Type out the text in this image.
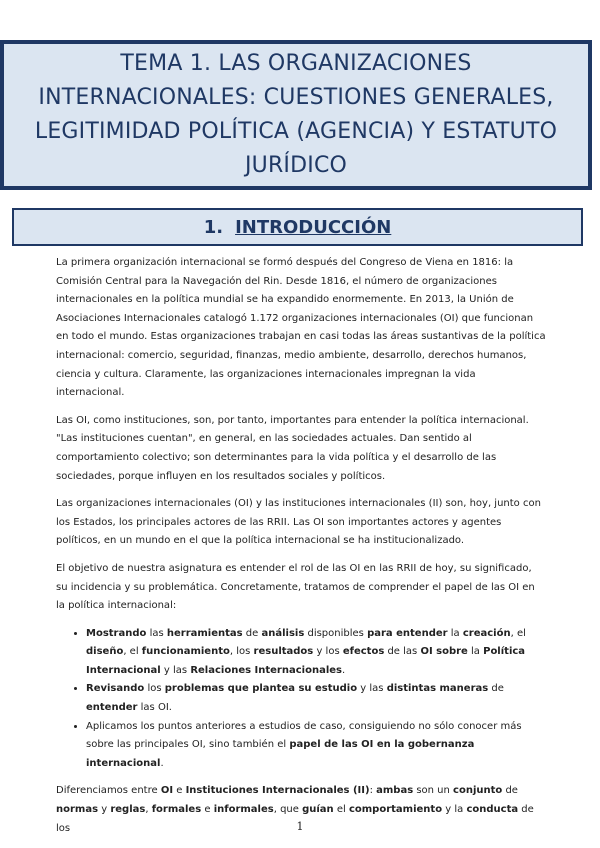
TEMA 1. LAS ORGANIZACIONES INTERNACIONALES: CUESTIONES GENERALES, LEGITIMIDAD POLÍTICA (AGENCIA) Y ESTATUTO JURÍDICO
1. INTRODUCCIÓN

La primera organización internacional se formó después del Congreso de Viena en 1816: la Comisión Central para la Navegación del Rin. Desde 1816, el número de organizaciones internacionales en la política mundial se ha expandido enormemente. En 2013, la Unión de Asociaciones Internacionales catalogó 1.172 organizaciones internacionales (OI) que funcionan en todo el mundo. Estas organizaciones trabajan en casi todas las áreas sustantivas de la política internacional: comercio, seguridad, finanzas, medio ambiente, desarrollo, derechos humanos, ciencia y cultura. Claramente, las organizaciones internacionales impregnan la vida internacional.

Las OI, como instituciones, son, por tanto, importantes para entender la política internacional. "Las instituciones cuentan", en general, en las sociedades actuales. Dan sentido al comportamiento colectivo; son determinantes para la vida política y el desarrollo de las sociedades, porque influyen en los resultados sociales y políticos.

Las organizaciones internacionales (OI) y las instituciones internacionales (II) son, hoy, junto con los Estados, los principales actores de las RRII. Las OI son importantes actores y agentes políticos, en un mundo en el que la política internacional se ha institucionalizado.

El objetivo de nuestra asignatura es entender el rol de las OI en las RRII de hoy, su significado, su incidencia y su problemática. Concretamente, tratamos de comprender el papel de las OI en la política internacional:

• Mostrando las herramientas de análisis disponibles para entender la creación, el diseño, el funcionamiento, los resultados y los efectos de las OI sobre la Política Internacional y las Relaciones Internacionales.
• Revisando los problemas que plantea su estudio y las distintas maneras de entender las OI.
• Aplicamos los puntos anteriores a estudios de caso, consiguiendo no sólo conocer más sobre las principales OI, sino también el papel de las OI en la gobernanza internacional.

Diferenciamos entre OI e Instituciones Internacionales (II): ambas son un conjunto de normas y reglas, formales e informales, que guían el comportamiento y la conducta de los	1
